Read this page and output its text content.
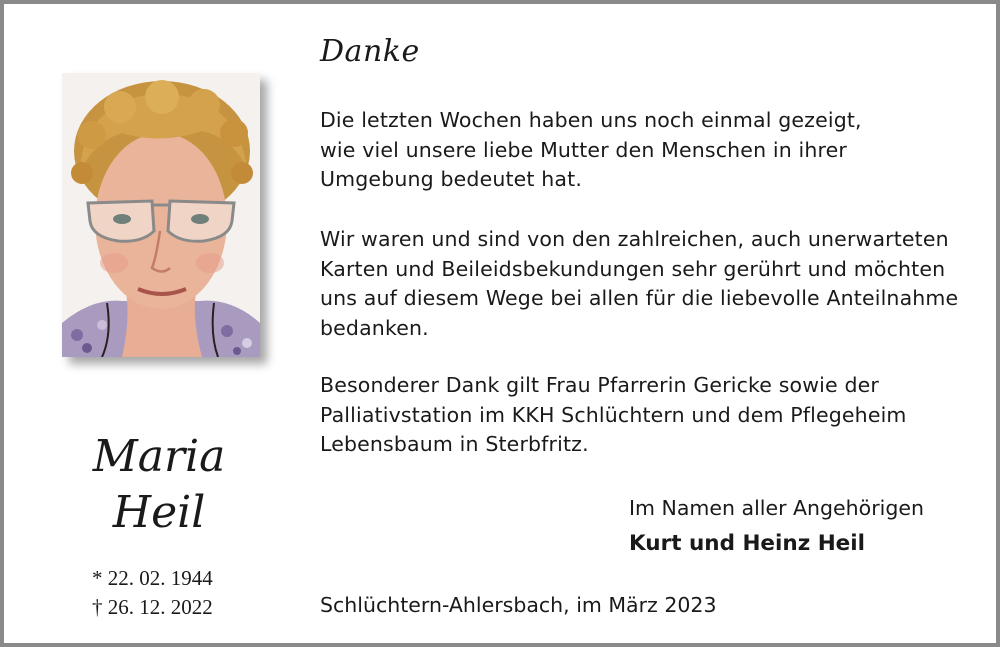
Danke
Die letzten Wochen haben uns noch einmal gezeigt,
wie viel unsere liebe Mutter den Menschen in ihrer
Umgebung bedeutet hat.
Wir waren und sind von den zahlreichen, auch unerwarteten
Karten und Beileidsbekundungen sehr gerührt und möchten
uns auf diesem Wege bei allen für die liebevolle Anteilnahme
bedanken.
Besonderer Dank gilt Frau Pfarrerin Gericke sowie der
Palliativstation im KKH Schlüchtern und dem Pflegeheim
Lebensbaum in Sterbfritz.
Maria
Heil
* 22. 02. 1944
† 26. 12. 2022
Im Namen aller Angehörigen
Kurt und Heinz Heil
Schlüchtern-Ahlersbach, im März 2023
